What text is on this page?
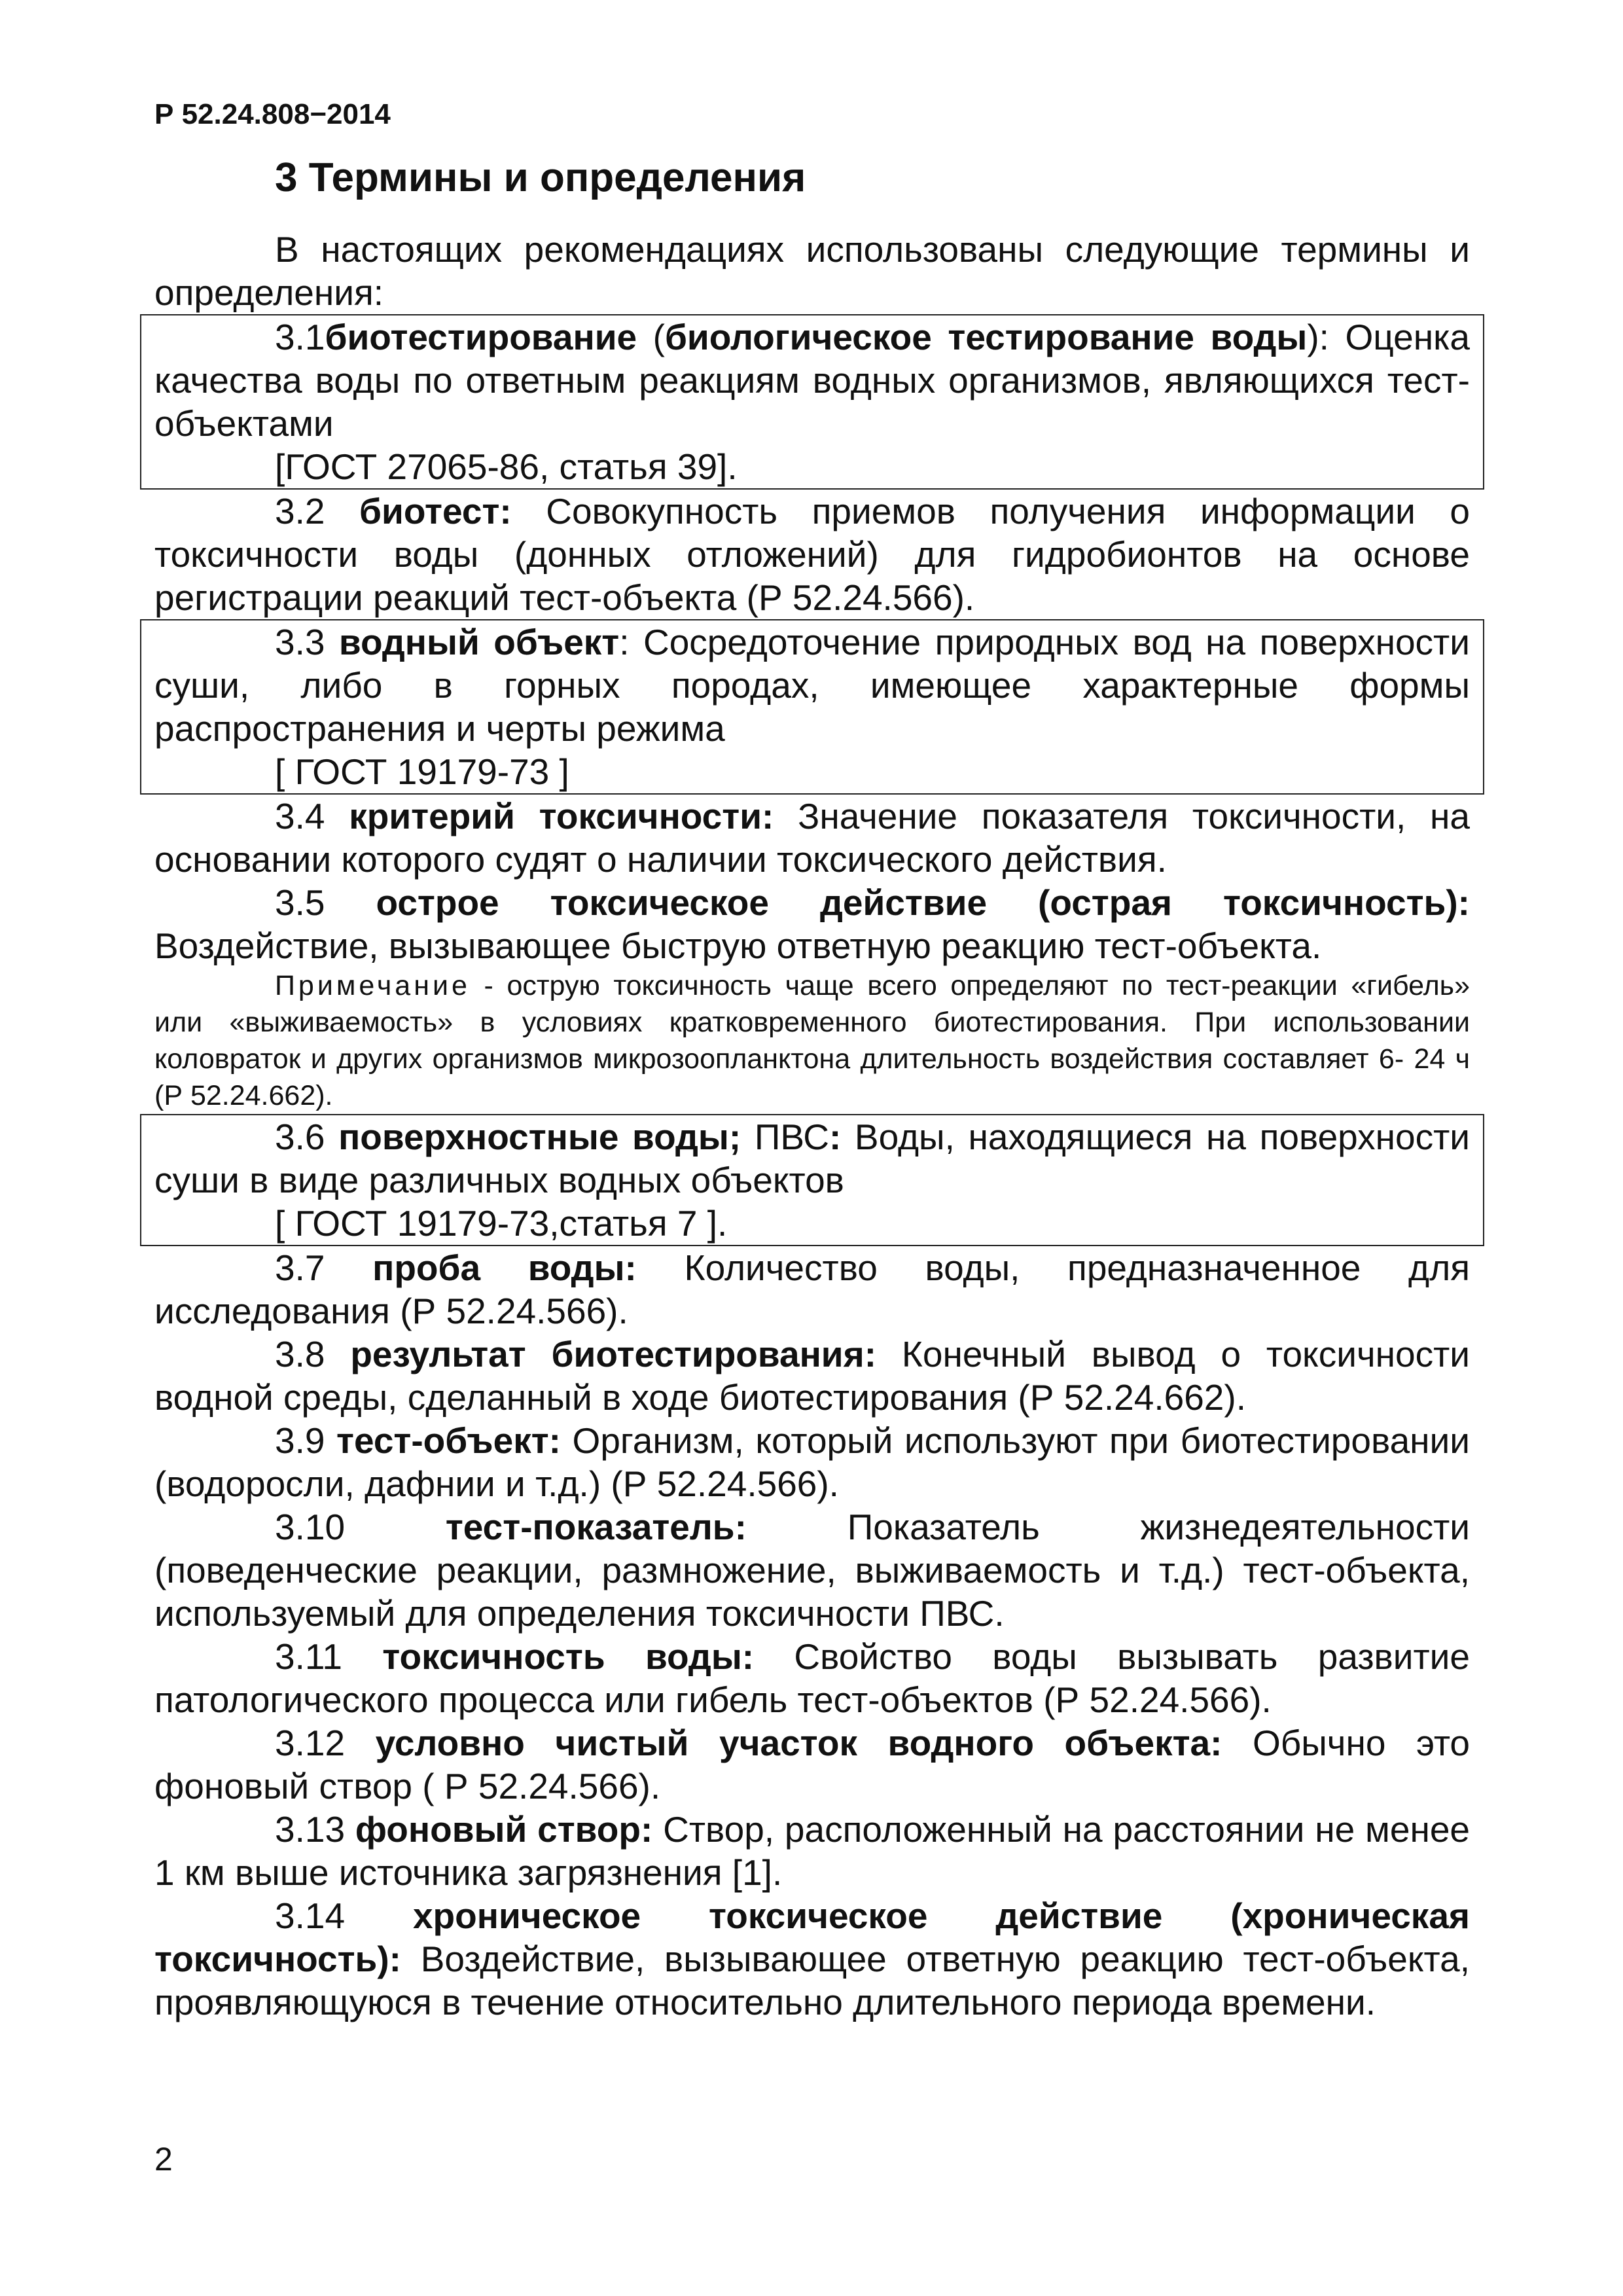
Р 52.24.808−2014
3 Термины и определения

В настоящих рекомендациях использованы следующие термины и определения:

3.1биотестирование (биологическое тестирование воды): Оценка качества воды по ответным реакциям водных организмов, являющихся тест-объектами

[ГОСТ 27065-86, статья 39].

3.2 биотест: Совокупность приемов получения информации о токсичности воды (донных отложений) для гидробионтов на основе регистрации реакций тест-объекта (Р 52.24.566).

3.3 водный объект: Сосредоточение природных вод на поверхности суши, либо в горных породах, имеющее характерные формы распространения и черты режима

[ ГОСТ 19179-73 ]

3.4 критерий токсичности: Значение показателя токсичности, на основании которого судят о наличии токсического действия.

3.5 острое токсическое действие (острая токсичность): Воздействие, вызывающее быструю ответную реакцию тест-объекта.

Примечание - острую токсичность чаще всего определяют по тест-реакции «гибель» или «выживаемость» в условиях кратковременного биотестирования. При использовании коловраток и других организмов микрозоопланктона длительность воздействия составляет 6- 24 ч (Р 52.24.662).

3.6 поверхностные воды; ПВС: Воды, находящиеся на поверхности суши в виде различных водных объектов

[ ГОСТ 19179-73,статья 7 ].

3.7 проба воды: Количество воды, предназначенное для исследования (Р 52.24.566).

3.8 результат биотестирования: Конечный вывод о токсичности водной среды, сделанный в ходе биотестирования (Р 52.24.662).

3.9 тест-объект: Организм, который используют при биотестировании (водоросли, дафнии и т.д.) (Р 52.24.566).

3.10 тест-показатель: Показатель жизнедеятельности (поведенческие реакции, размножение, выживаемость и т.д.) тест-объекта, используемый для определения токсичности ПВС.

3.11 токсичность воды: Свойство воды вызывать развитие патологического процесса или гибель тест-объектов (Р 52.24.566).

3.12 условно чистый участок водного объекта: Обычно это фоновый створ ( Р 52.24.566).

3.13 фоновый створ: Створ, расположенный на расстоянии не менее 1 км выше источника загрязнения [1].

3.14 хроническое токсическое действие (хроническая токсичность): Воздействие, вызывающее ответную реакцию тест-объекта, проявляющуюся в течение относительно длительного периода времени.

2
